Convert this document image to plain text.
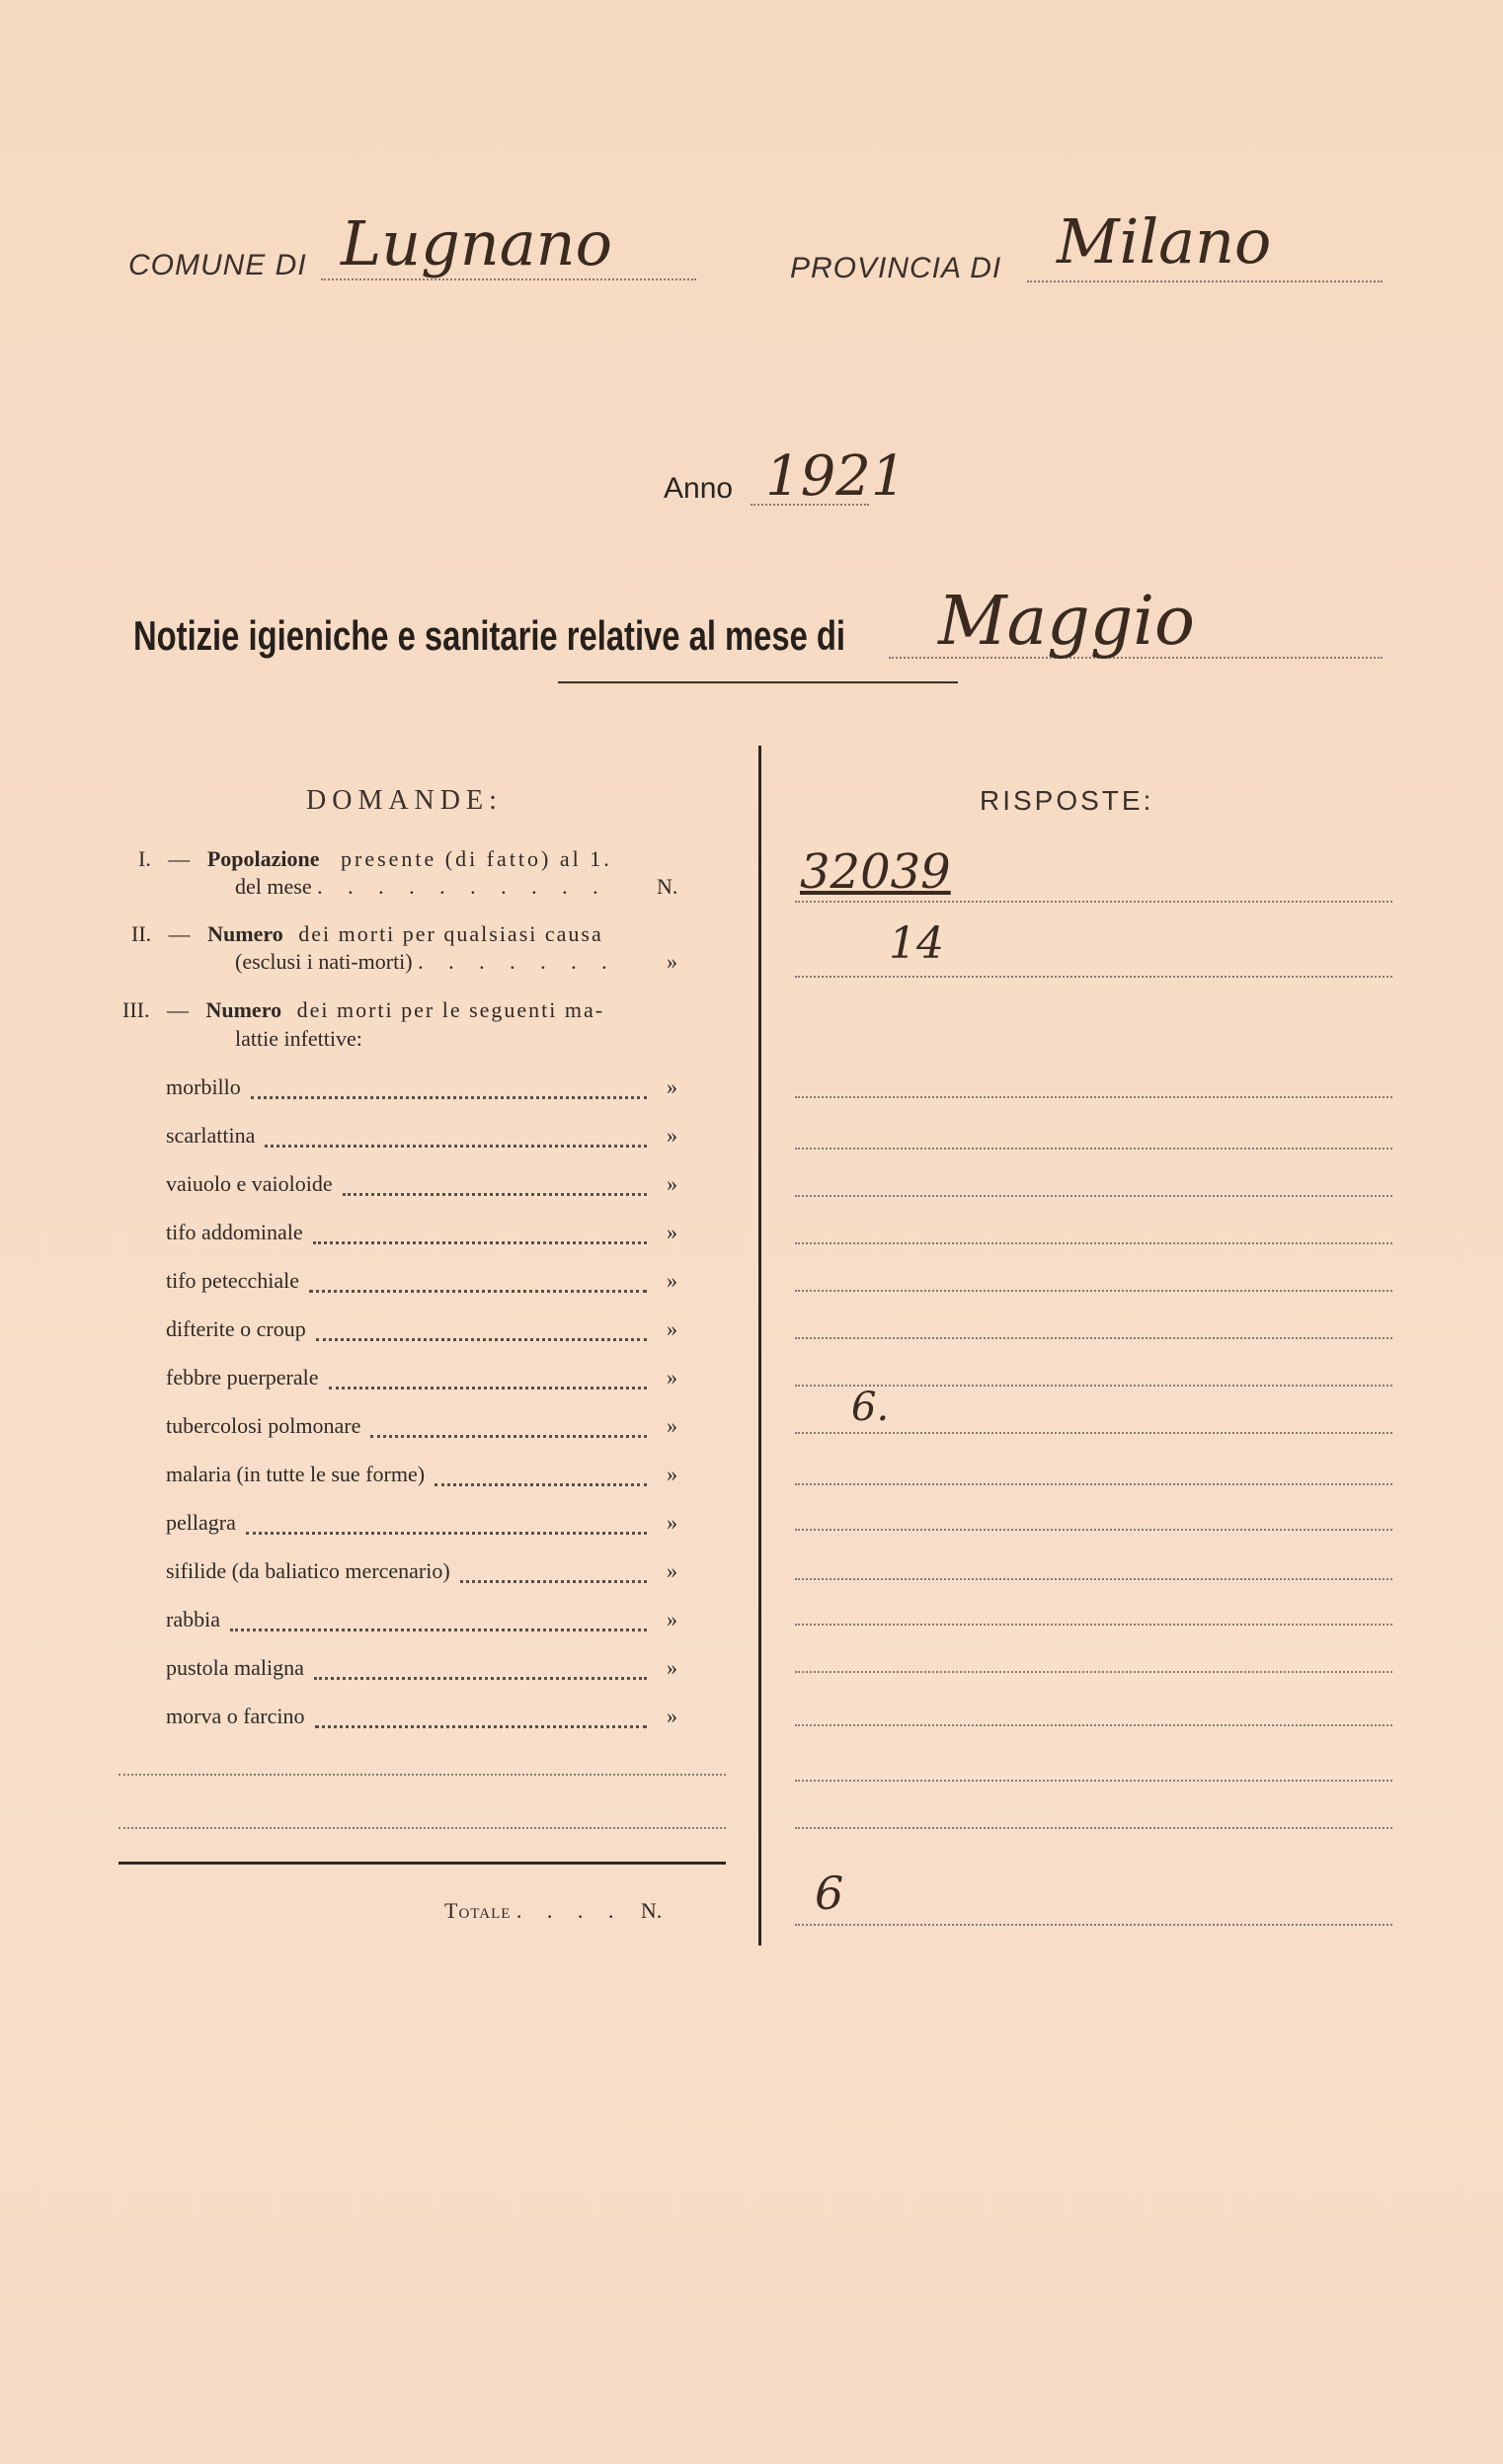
COMUNE DI Lugnano	PROVINCIA DI Milano
Anno 1921
Notizie igieniche e sanitarie relative al mese di Maggio
DOMANDE:	RISPOSTE:
I. — Popolazione presente (di fatto) al 1.
del mese . . . . . . . . . . N.	32039
II. — Numero dei morti per qualsiasi causa
(esclusi i nati-morti) . . . . . . . »	14
III. — Numero dei morti per le seguenti ma-
lattie infettive:
morbillo	»
scarlattina	»
vaiuolo e vaioloide	»
tifo addominale	»
tifo petecchiale	»
difterite o croup	»
febbre puerperale	»
tubercolosi polmonare	»	6.
malaria (in tutte le sue forme)	»
pellagra	»
sifilide (da baliatico mercenario)	»
rabbia	»
pustola maligna	»
morva o farcino	»
Totale . . . . N.	6
